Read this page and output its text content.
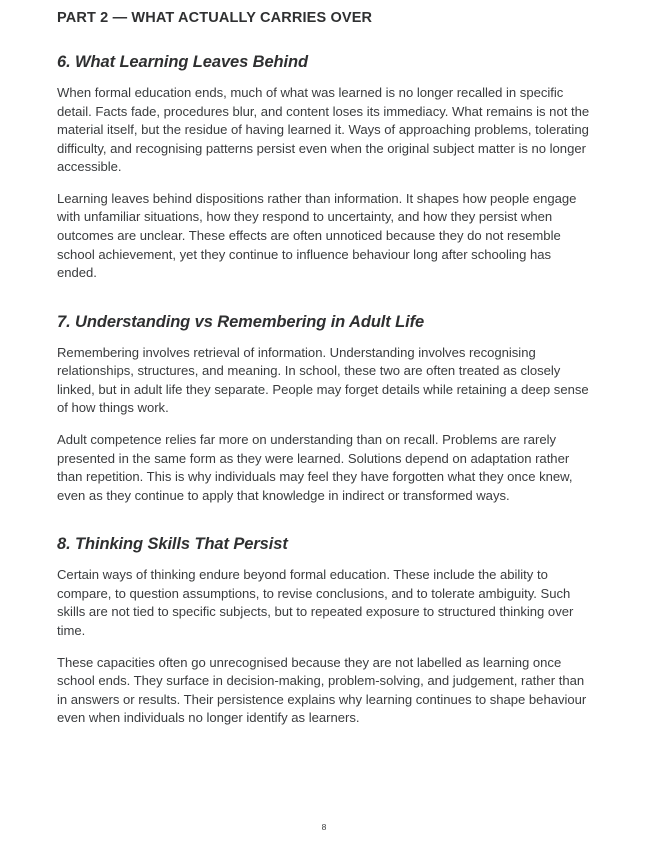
PART 2 — WHAT ACTUALLY CARRIES OVER
6. What Learning Leaves Behind

When formal education ends, much of what was learned is no longer recalled in specific detail. Facts fade, procedures blur, and content loses its immediacy. What remains is not the material itself, but the residue of having learned it. Ways of approaching problems, tolerating difficulty, and recognising patterns persist even when the original subject matter is no longer accessible.

Learning leaves behind dispositions rather than information. It shapes how people engage with unfamiliar situations, how they respond to uncertainty, and how they persist when outcomes are unclear. These effects are often unnoticed because they do not resemble school achievement, yet they continue to influence behaviour long after schooling has ended.

7. Understanding vs Remembering in Adult Life

Remembering involves retrieval of information. Understanding involves recognising relationships, structures, and meaning. In school, these two are often treated as closely linked, but in adult life they separate. People may forget details while retaining a deep sense of how things work.

Adult competence relies far more on understanding than on recall. Problems are rarely presented in the same form as they were learned. Solutions depend on adaptation rather than repetition. This is why individuals may feel they have forgotten what they once knew, even as they continue to apply that knowledge in indirect or transformed ways.

8. Thinking Skills That Persist

Certain ways of thinking endure beyond formal education. These include the ability to compare, to question assumptions, to revise conclusions, and to tolerate ambiguity. Such skills are not tied to specific subjects, but to repeated exposure to structured thinking over time.

These capacities often go unrecognised because they are not labelled as learning once school ends. They surface in decision-making, problem-solving, and judgement, rather than in answers or results. Their persistence explains why learning continues to shape behaviour even when individuals no longer identify as learners.

8
